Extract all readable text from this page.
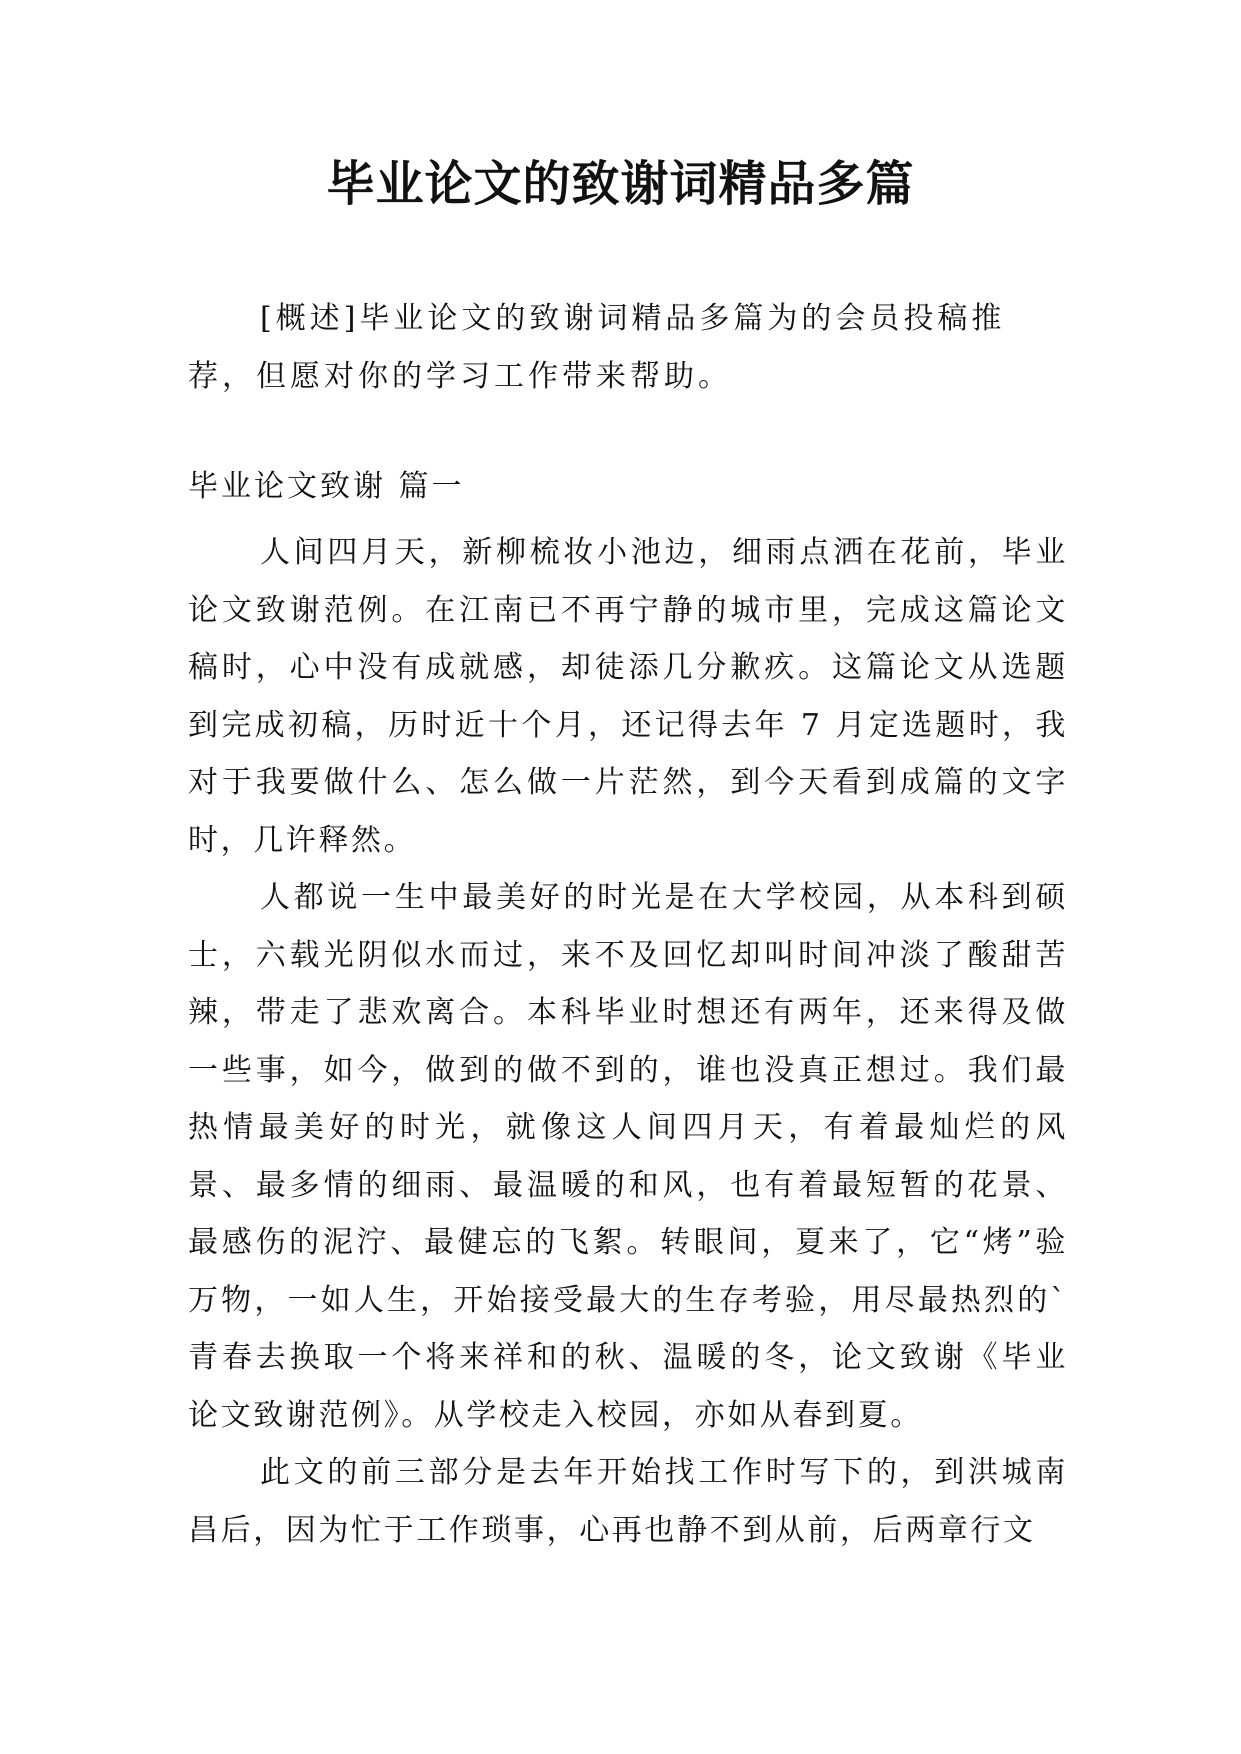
毕业论文的致谢词精品多篇

[概述]毕业论文的致谢词精品多篇为的会员投稿推荐，但愿对你的学习工作带来帮助。

毕业论文致谢 篇一

人间四月天，新柳梳妆小池边，细雨点洒在花前，毕业论文致谢范例。在江南已不再宁静的城市里，完成这篇论文稿时，心中没有成就感，却徒添几分歉疚。这篇论文从选题到完成初稿，历时近十个月，还记得去年 7 月定选题时，我对于我要做什么、怎么做一片茫然，到今天看到成篇的文字时，几许释然。

人都说一生中最美好的时光是在大学校园，从本科到硕士，六载光阴似水而过，来不及回忆却叫时间冲淡了酸甜苦辣，带走了悲欢离合。本科毕业时想还有两年，还来得及做一些事，如今，做到的做不到的，谁也没真正想过。我们最热情最美好的时光，就像这人间四月天，有着最灿烂的风景、最多情的细雨、最温暖的和风，也有着最短暂的花景、最感伤的泥泞、最健忘的飞絮。转眼间，夏来了，它“烤”验万物，一如人生，开始接受最大的生存考验，用尽最热烈的`青春去换取一个将来祥和的秋、温暖的冬，论文致谢《毕业论文致谢范例》。从学校走入校园，亦如从春到夏。

此文的前三部分是去年开始找工作时写下的，到洪城南昌后，因为忙于工作琐事，心再也静不到从前，后两章行文
